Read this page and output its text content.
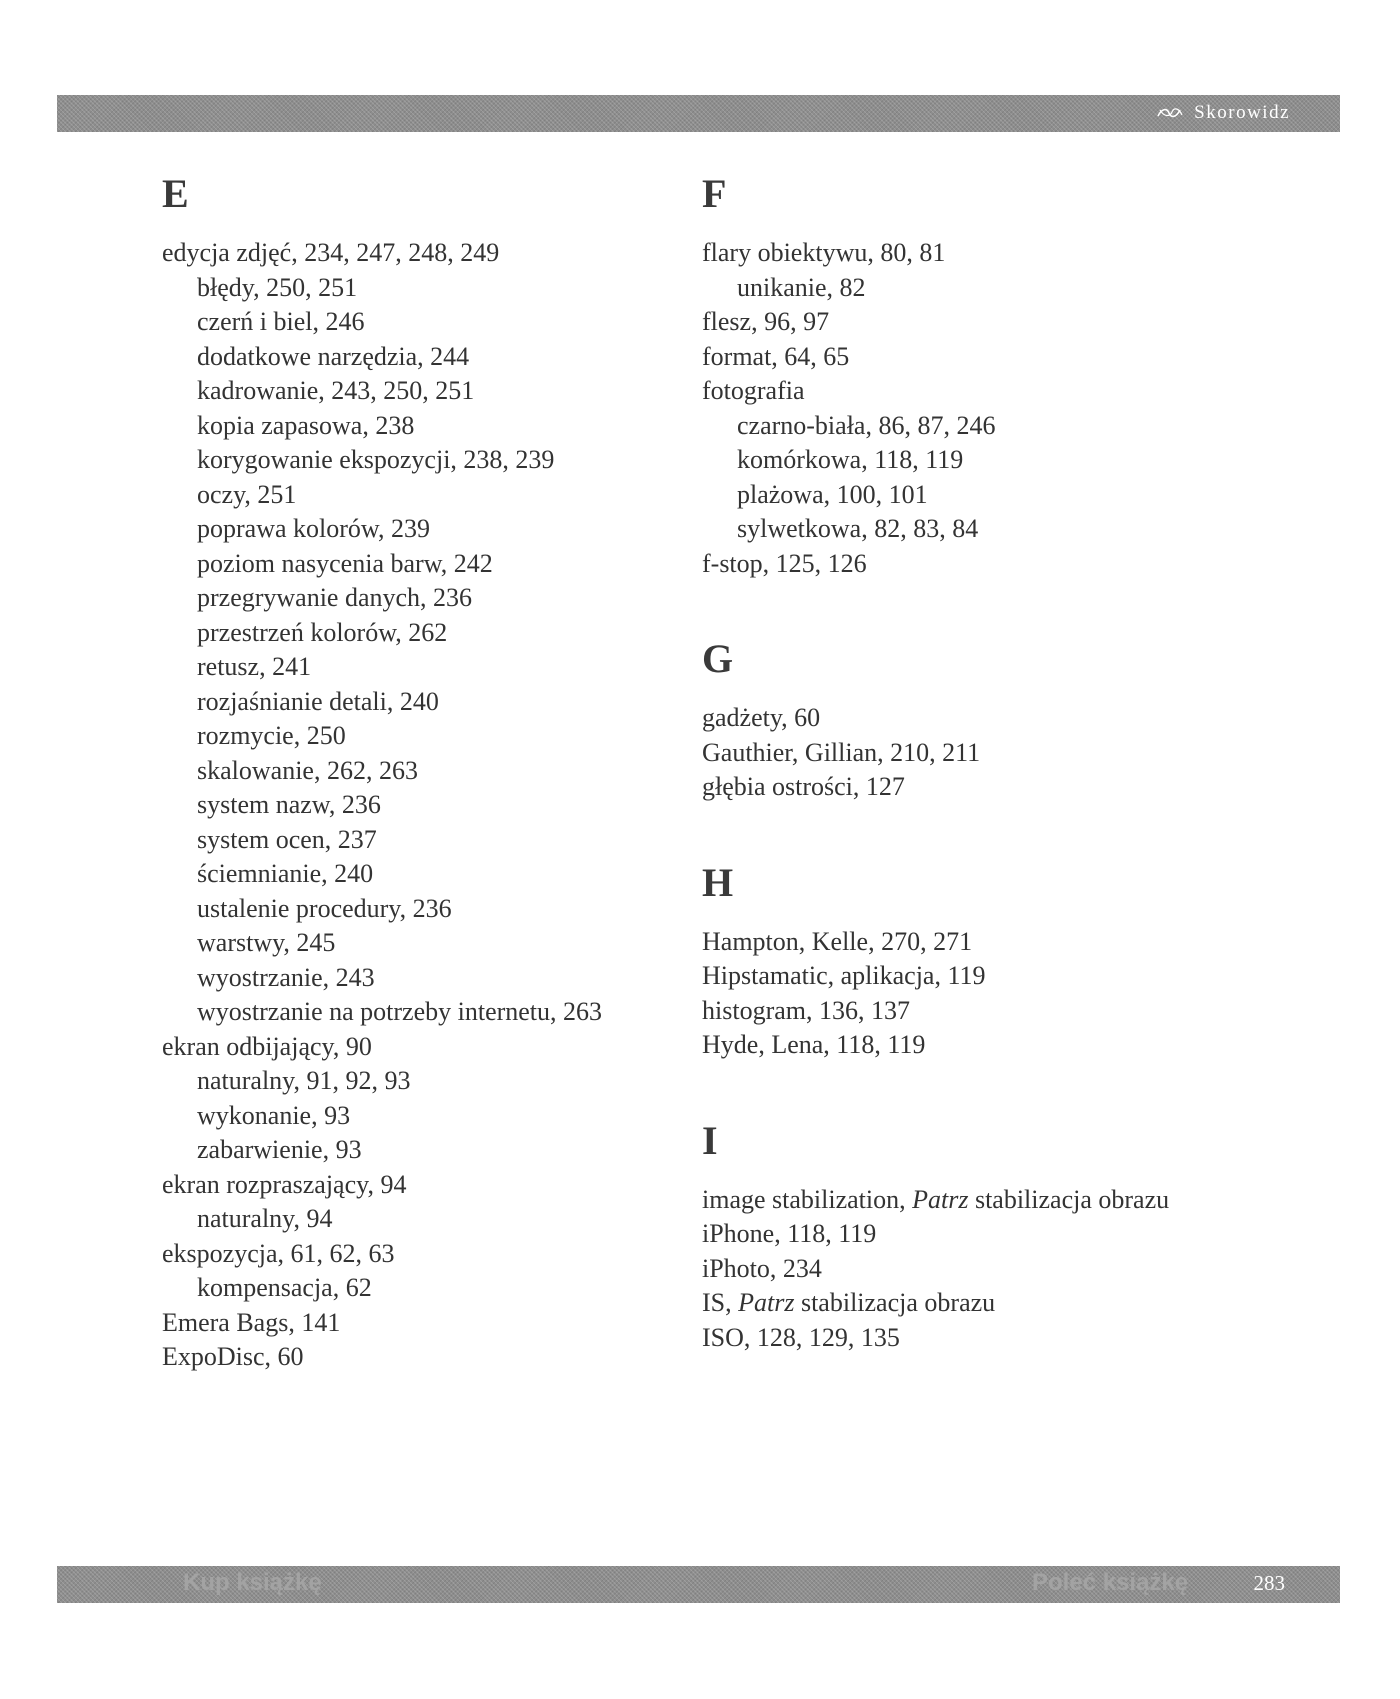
Skorowidz
E
edycja zdjęć, 234, 247, 248, 249
błędy, 250, 251
czerń i biel, 246
dodatkowe narzędzia, 244
kadrowanie, 243, 250, 251
kopia zapasowa, 238
korygowanie ekspozycji, 238, 239
oczy, 251
poprawa kolorów, 239
poziom nasycenia barw, 242
przegrywanie danych, 236
przestrzeń kolorów, 262
retusz, 241
rozjaśnianie detali, 240
rozmycie, 250
skalowanie, 262, 263
system nazw, 236
system ocen, 237
ściemnianie, 240
ustalenie procedury, 236
warstwy, 245
wyostrzanie, 243
wyostrzanie na potrzeby internetu, 263
ekran odbijający, 90
naturalny, 91, 92, 93
wykonanie, 93
zabarwienie, 93
ekran rozpraszający, 94
naturalny, 94
ekspozycja, 61, 62, 63
kompensacja, 62
Emera Bags, 141
ExpoDisc, 60
F
flary obiektywu, 80, 81
unikanie, 82
flesz, 96, 97
format, 64, 65
fotografia
czarno-biała, 86, 87, 246
komórkowa, 118, 119
plażowa, 100, 101
sylwetkowa, 82, 83, 84
f-stop, 125, 126
G
gadżety, 60
Gauthier, Gillian, 210, 211
głębia ostrości, 127
H
Hampton, Kelle, 270, 271
Hipstamatic, aplikacja, 119
histogram, 136, 137
Hyde, Lena, 118, 119
I
image stabilization, Patrz stabilizacja obrazu
iPhone, 118, 119
iPhoto, 234
IS, Patrz stabilizacja obrazu
ISO, 128, 129, 135
Kup książkę	Poleć książkę	283
